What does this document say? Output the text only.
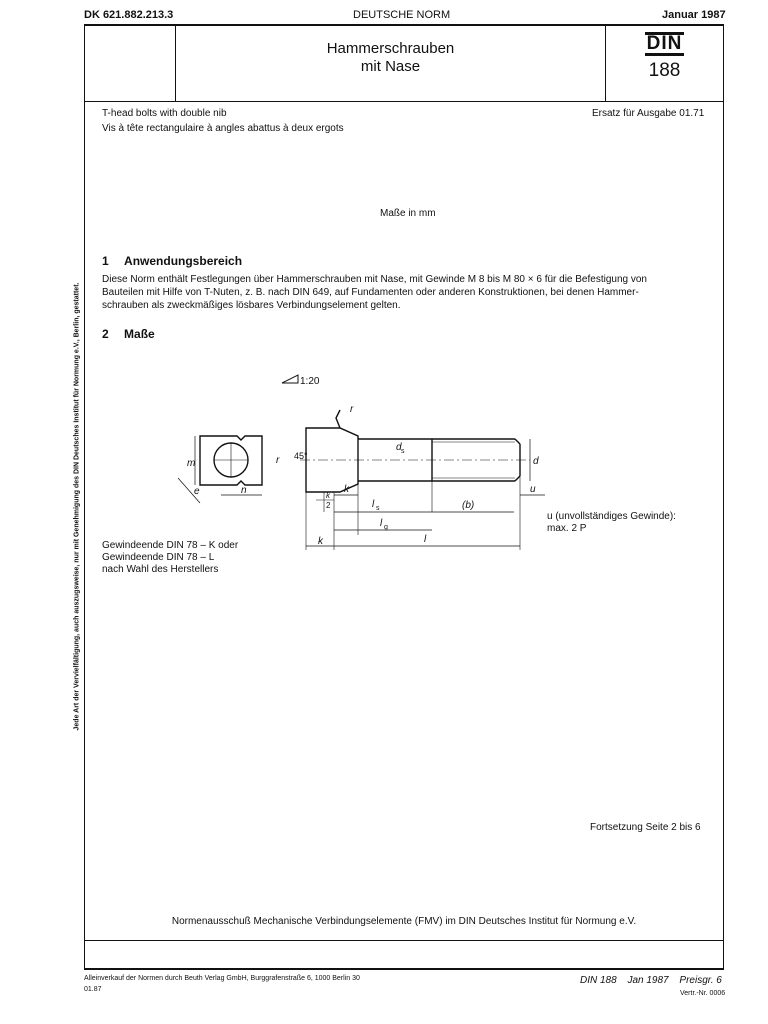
DK 621.882.213.3	DEUTSCHE NORM	Januar 1987
Hammerschrauben
mit Nase
DIN
188
T-head bolts with double nib
Vis à tête rectangulaire à angles abattus à deux ergots
Ersatz für Ausgabe 01.71
Maße in mm
1 Anwendungsbereich
Diese Norm enthält Festlegungen über Hammerschrauben mit Nase, mit Gewinde M 8 bis M 80 × 6 für die Befestigung von
Bauteilen mit Hilfe von T-Nuten, z. B. nach DIN 649, auf Fundamenten oder anderen Konstruktionen, bei denen Hammer-
schrauben als zweckmäßiges lösbares Verbindungselement gelten.
2 Maße
1:20
45°
m
e	n	k
k
2	l s	(b)
u
l g
k	l
d
d s
r
r
Gewindeende DIN 78 – K oder
Gewindeende DIN 78 – L
nach Wahl des Herstellers
u (unvollständiges Gewinde):
max. 2 P
Fortsetzung Seite 2 bis 6
Normenausschuß Mechanische Verbindungselemente (FMV) im DIN Deutsches Institut für Normung e.V.
Jede Art der Vervielfältigung, auch auszugsweise, nur mit Genehmigung des DIN Deutsches Institut für Normung e.V., Berlin, gestattet.
Alleinverkauf der Normen durch Beuth Verlag GmbH, Burggrafenstraße 6, 1000 Berlin 30
01.87
DIN 188 Jan 1987 Preisgr. 6
Vertr.-Nr. 0006
